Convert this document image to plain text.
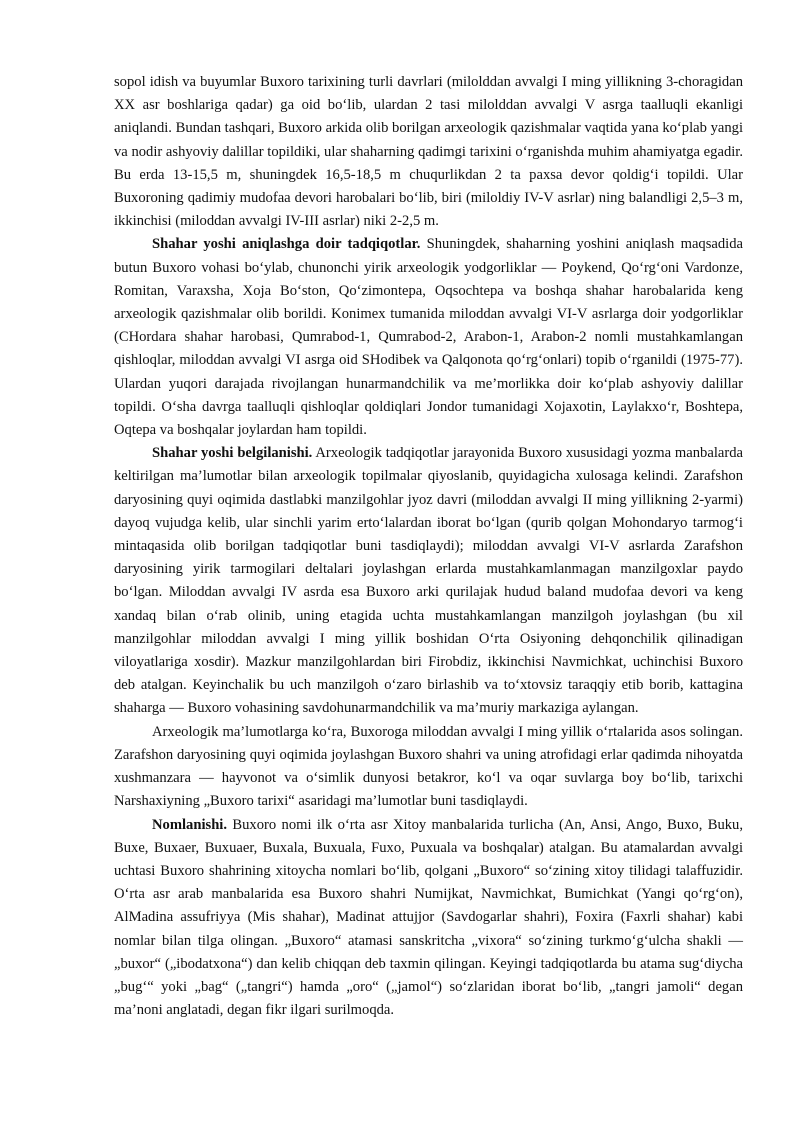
sopol idish va buyumlar Buxoro tarixining turli davrlari (milolddan avvalgi I ming yillikning 3-choragidan XX asr boshlariga qadar) ga oid bo‘lib, ulardan 2 tasi milolddan avvalgi V asrga taalluqli ekanligi aniqlandi. Bundan tashqari, Buxoro arkida olib borilgan arxeologik qazishmalar vaqtida yana ko‘plab yangi va nodir ashyoviy dalillar topildiki, ular shaharning qadimgi tarixini o‘rganishda muhim ahamiyatga egadir. Bu erda 13-15,5 m, shuningdek 16,5-18,5 m chuqurlikdan 2 ta paxsa devor qoldig‘i topildi. Ular Buxoroning qadimiy mudofaa devori harobalari bo‘lib, biri (miloldiy IV-V asrlar) ning balandligi 2,5–3 m, ikkinchisi (miloddan avvalgi IV-III asrlar) niki 2-2,5 m.

Shahar yoshi aniqlashga doir tadqiqotlar. Shuningdek, shaharning yoshini aniqlash maqsadida butun Buxoro vohasi bo‘ylab, chunonchi yirik arxeologik yodgorliklar — Poykend, Qo‘rg‘oni Vardonze, Romitan, Varaxsha, Xoja Bo‘ston, Qo‘zimontepa, Oqsochtepa va boshqa shahar harobalarida keng arxeologik qazishmalar olib borildi. Konimex tumanida miloddan avvalgi VI-V asrlarga doir yodgorliklar (CHordara shahar harobasi, Qumrabod-1, Qumrabod-2, Arabon-1, Arabon-2 nomli mustahkamlangan qishloqlar, miloddan avvalgi VI asrga oid SHodibek va Qalqonota qo‘rg‘onlari) topib o‘rganildi (1975-77). Ulardan yuqori darajada rivojlangan hunarmandchilik va me’morlikka doir ko‘plab ashyoviy dalillar topildi. O‘sha davrga taalluqli qishloqlar qoldiqlari Jondor tumanidagi Xojaxotin, Laylakxo‘r, Boshtepa, Oqtepa va boshqalar joylardan ham topildi.

Shahar yoshi belgilanishi. Arxeologik tadqiqotlar jarayonida Buxoro xususidagi yozma manbalarda keltirilgan ma’lumotlar bilan arxeologik topilmalar qiyoslanib, quyidagicha xulosaga kelindi. Zarafshon daryosining quyi oqimida dastlabki manzilgohlar jyoz davri (miloddan avvalgi II ming yillikning 2-yarmi) dayoq vujudga kelib, ular sinchli yarim erto‘lalardan iborat bo‘lgan (qurib qolgan Mohondaryo tarmog‘i mintaqasida olib borilgan tadqiqotlar buni tasdiqlaydi); miloddan avvalgi VI-V asrlarda Zarafshon daryosining yirik tarmogilari deltalari joylashgan erlarda mustahkamlanmagan manzilgoxlar paydo bo‘lgan. Miloddan avvalgi IV asrda esa Buxoro arki qurilajak hudud baland mudofaa devori va keng xandaq bilan o‘rab olinib, uning etagida uchta mustahkamlangan manzilgoh joylashgan (bu xil manzilgohlar miloddan avvalgi I ming yillik boshidan O‘rta Osiyoning dehqonchilik qilinadigan viloyatlariga xosdir). Mazkur manzilgohlardan biri Firobdiz, ikkinchisi Navmichkat, uchinchisi Buxoro deb atalgan. Keyinchalik bu uch manzilgoh o‘zaro birlashib va to‘xtovsiz taraqqiy etib borib, kattagina shaharga — Buxoro vohasining savdohunarmandchilik va ma’muriy markaziga aylangan.

Arxeologik ma’lumotlarga ko‘ra, Buxoroga miloddan avvalgi I ming yillik o‘rtalarida asos solingan. Zarafshon daryosining quyi oqimida joylashgan Buxoro shahri va uning atrofidagi erlar qadimda nihoyatda xushmanzara — hayvonot va o‘simlik dunyosi betakror, ko‘l va oqar suvlarga boy bo‘lib, tarixchi Narshaxiyning „Buxoro tarixi“ asaridagi ma’lumotlar buni tasdiqlaydi.

Nomlanishi. Buxoro nomi ilk o‘rta asr Xitoy manbalarida turlicha (An, Ansi, Ango, Buxo, Buku, Buxe, Buxaer, Buxuaer, Buxala, Buxuala, Fuxo, Puxuala va boshqalar) atalgan. Bu atamalardan avvalgi uchtasi Buxoro shahrining xitoycha nomlari bo‘lib, qolgani „Buxoro“ so‘zining xitoy tilidagi talaffuzidir. O‘rta asr arab manbalarida esa Buxoro shahri Numijkat, Navmichkat, Bumichkat (Yangi qo‘rg‘on), AlMadina assufriyya (Mis shahar), Madinat attujjor (Savdogarlar shahri), Foxira (Faxrli shahar) kabi nomlar bilan tilga olingan. „Buxoro“ atamasi sanskritcha „vixora“ so‘zining turkmo‘g‘ulcha shakli — „buxor“ („ibodatxona“) dan kelib chiqqan deb taxmin qilingan. Keyingi tadqiqotlarda bu atama sug‘diycha „bug‘“ yoki „bag“ („tangri“) hamda „oro“ („jamol“) so‘zlaridan iborat bo‘lib, „tangri jamoli“ degan ma’noni anglatadi, degan fikr ilgari surilmoqda.
